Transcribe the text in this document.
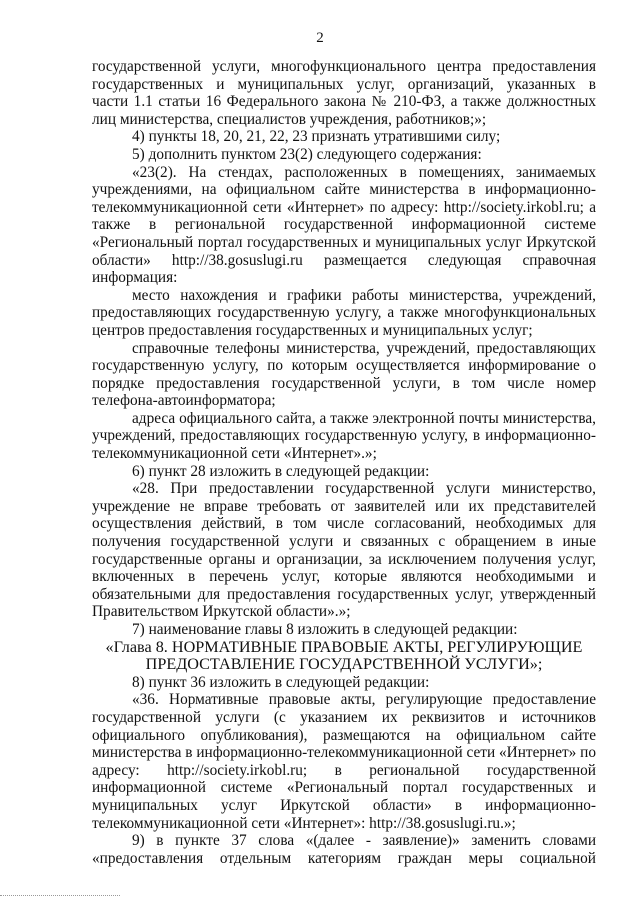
2
государственной услуги, многофункционального центра предоставления
государственных и муниципальных услуг, организаций, указанных в
части 1.1 статьи 16 Федерального закона № 210-ФЗ, а также должностных
лиц министерства, специалистов учреждения, работников;»;
4) пункты 18, 20, 21, 22, 23 признать утратившими силу;
5) дополнить пунктом 23(2) следующего содержания:
«23(2). На стендах, расположенных в помещениях, занимаемых
учреждениями, на официальном сайте министерства в информационно-
телекоммуникационной сети «Интернет» по адресу: http://society.irkobl.ru; а
также в региональной государственной информационной системе
«Региональный портал государственных и муниципальных услуг Иркутской
области» http://38.gosuslugi.ru размещается следующая справочная
информация:
место нахождения и графики работы министерства, учреждений,
предоставляющих государственную услугу, а также многофункциональных
центров предоставления государственных и муниципальных услуг;
справочные телефоны министерства, учреждений, предоставляющих
государственную услугу, по которым осуществляется информирование о
порядке предоставления государственной услуги, в том числе номер
телефона-автоинформатора;
адреса официального сайта, а также электронной почты министерства,
учреждений, предоставляющих государственную услугу, в информационно-
телекоммуникационной сети «Интернет».»;
6) пункт 28 изложить в следующей редакции:
«28. При предоставлении государственной услуги министерство,
учреждение не вправе требовать от заявителей или их представителей
осуществления действий, в том числе согласований, необходимых для
получения государственной услуги и связанных с обращением в иные
государственные органы и организации, за исключением получения услуг,
включенных в перечень услуг, которые являются необходимыми и
обязательными для предоставления государственных услуг, утвержденный
Правительством Иркутской области».»;
7) наименование главы 8 изложить в следующей редакции:
«Глава 8. НОРМАТИВНЫЕ ПРАВОВЫЕ АКТЫ, РЕГУЛИРУЮЩИЕ
ПРЕДОСТАВЛЕНИЕ ГОСУДАРСТВЕННОЙ УСЛУГИ»;
8) пункт 36 изложить в следующей редакции:
«36. Нормативные правовые акты, регулирующие предоставление
государственной услуги (с указанием их реквизитов и источников
официального опубликования), размещаются на официальном сайте
министерства в информационно-телекоммуникационной сети «Интернет» по
адресу: http://society.irkobl.ru; в региональной государственной
информационной системе «Региональный портал государственных и
муниципальных услуг Иркутской области» в информационно-
телекоммуникационной сети «Интернет»: http://38.gosuslugi.ru.»;
9) в пункте 37 слова «(далее - заявление)» заменить словами
«предоставления отдельным категориям граждан меры социальной
